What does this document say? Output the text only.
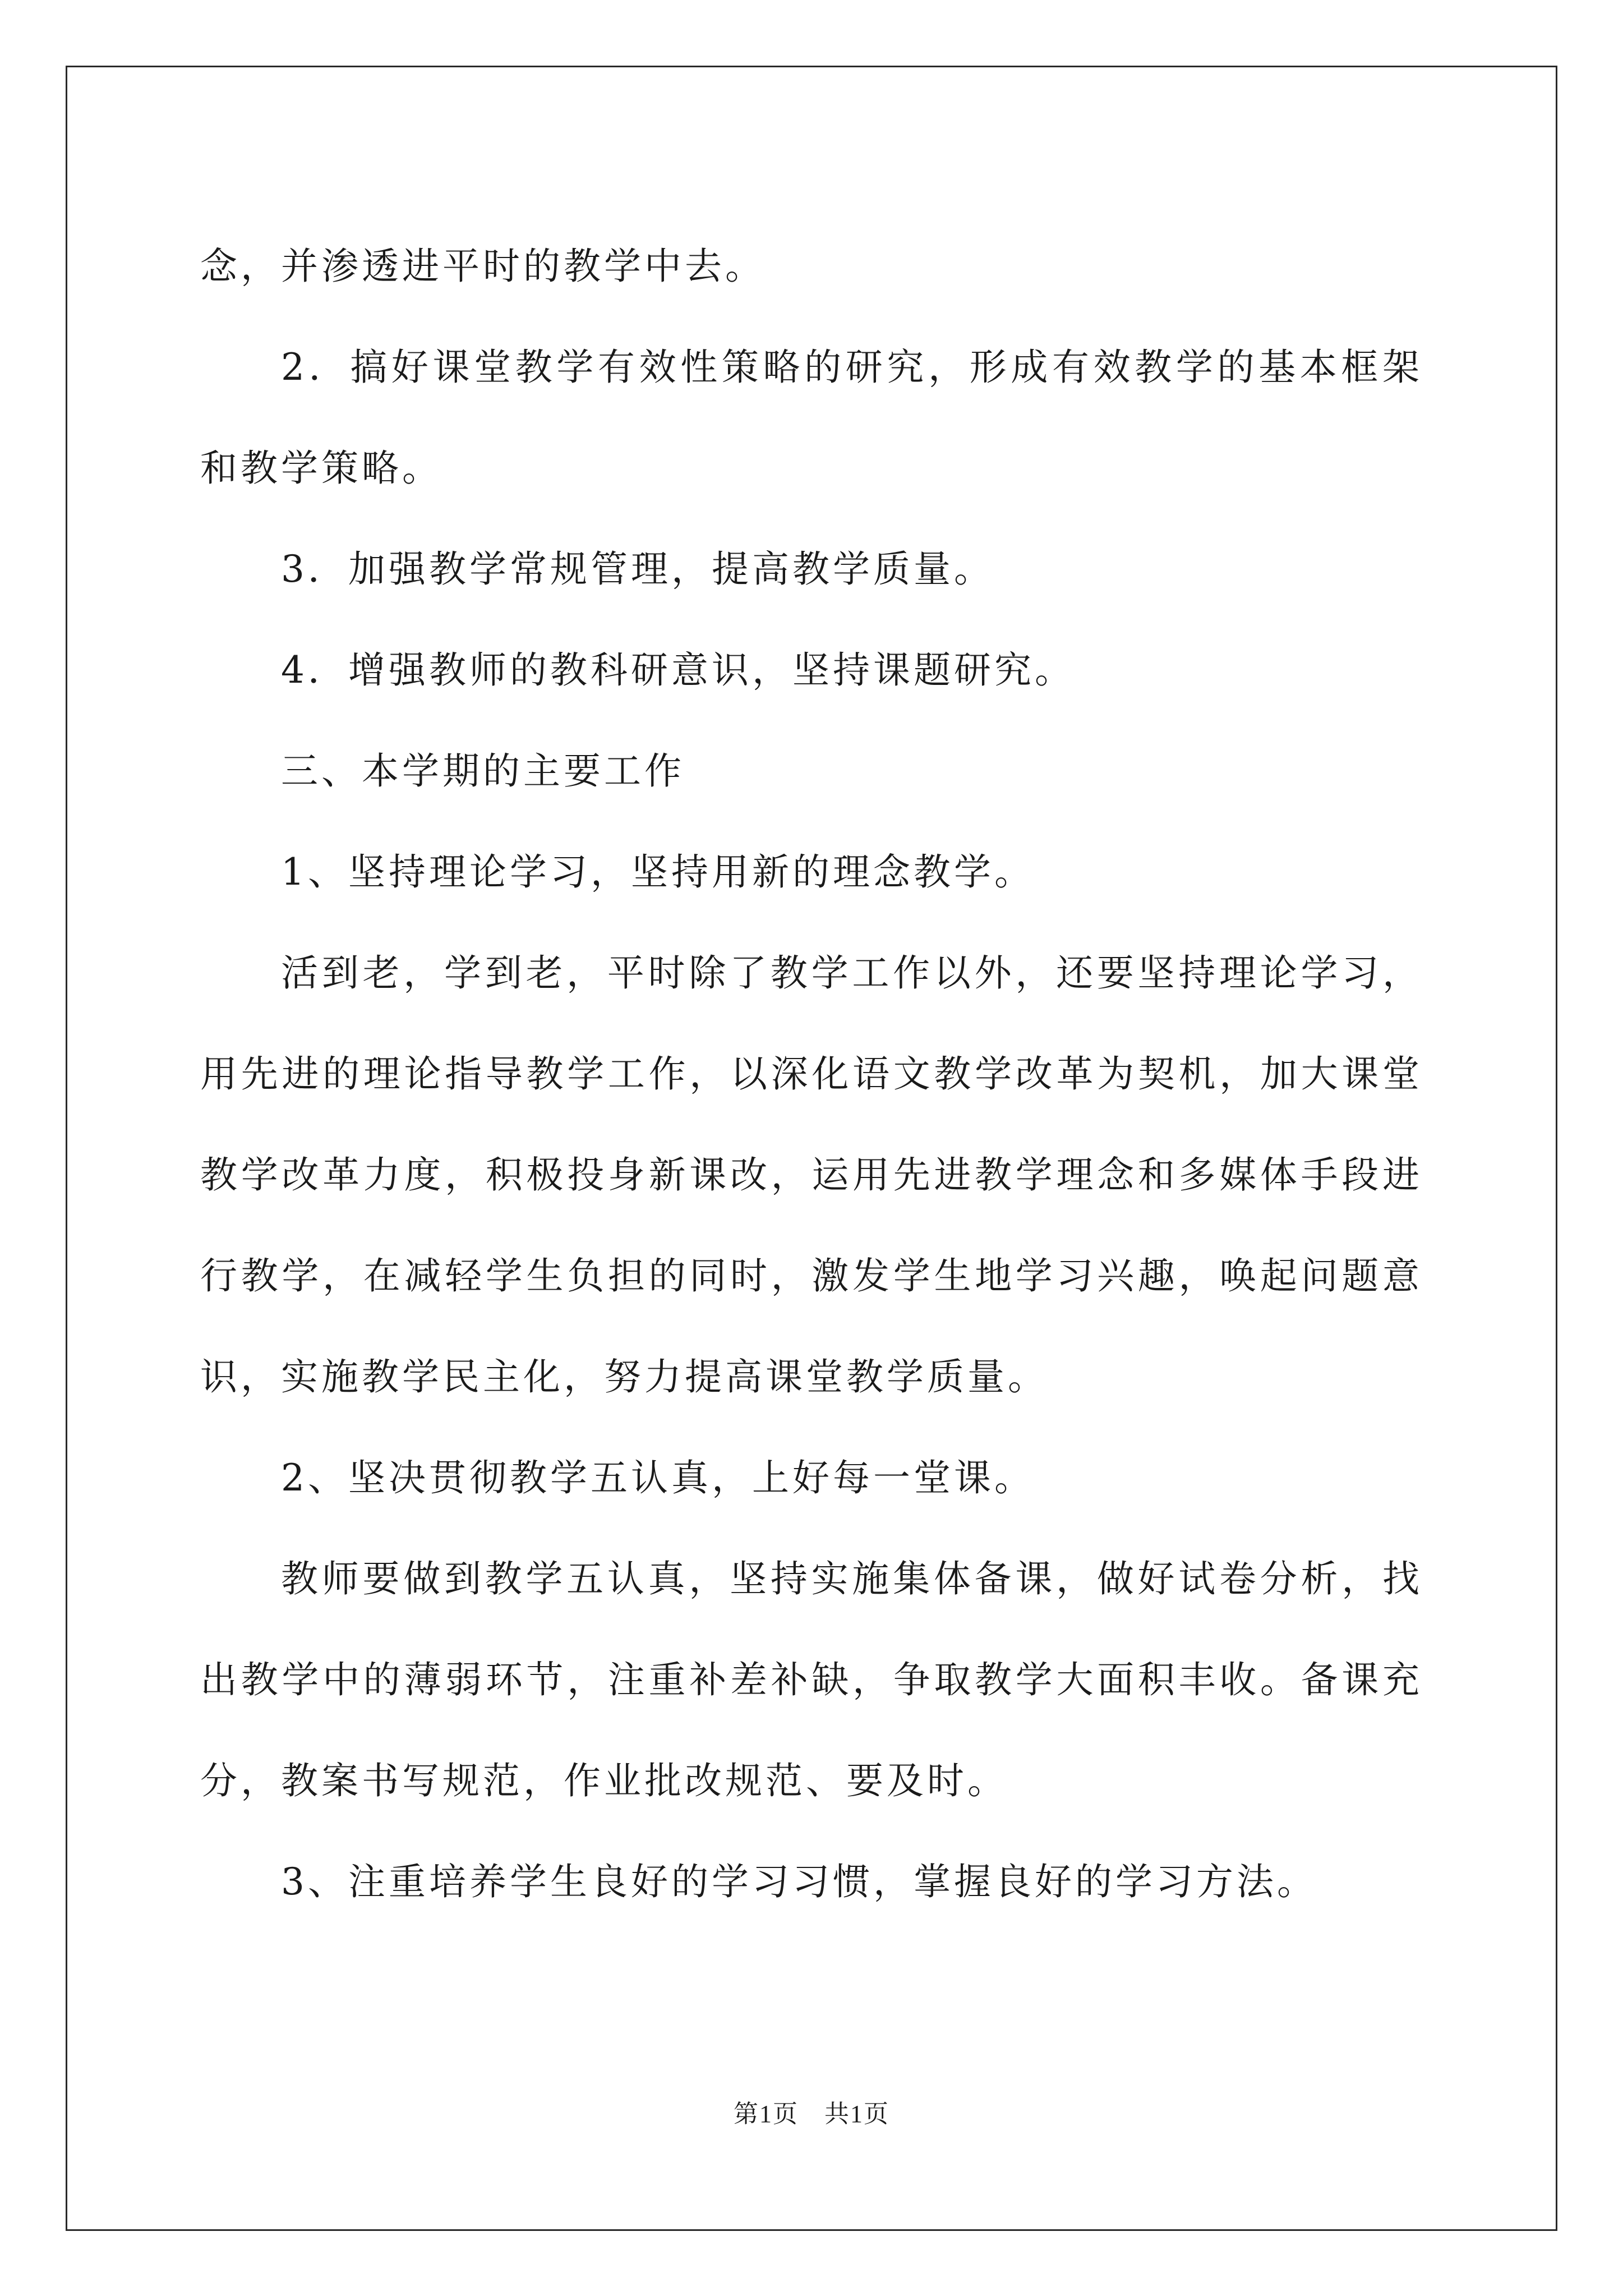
念，并渗透进平时的教学中去。

2．搞好课堂教学有效性策略的研究，形成有效教学的基本框架和教学策略。

3．加强教学常规管理，提高教学质量。

4．增强教师的教科研意识，坚持课题研究。

三、本学期的主要工作

1、坚持理论学习，坚持用新的理念教学。

活到老，学到老，平时除了教学工作以外，还要坚持理论学习，用先进的理论指导教学工作，以深化语文教学改革为契机，加大课堂教学改革力度，积极投身新课改，运用先进教学理念和多媒体手段进行教学，在减轻学生负担的同时，激发学生地学习兴趣，唤起问题意识，实施教学民主化，努力提高课堂教学质量。

2、坚决贯彻教学五认真，上好每一堂课。

教师要做到教学五认真，坚持实施集体备课，做好试卷分析，找出教学中的薄弱环节，注重补差补缺，争取教学大面积丰收。备课充分，教案书写规范，作业批改规范、要及时。

3、注重培养学生良好的学习习惯，掌握良好的学习方法。

第1页　共1页
